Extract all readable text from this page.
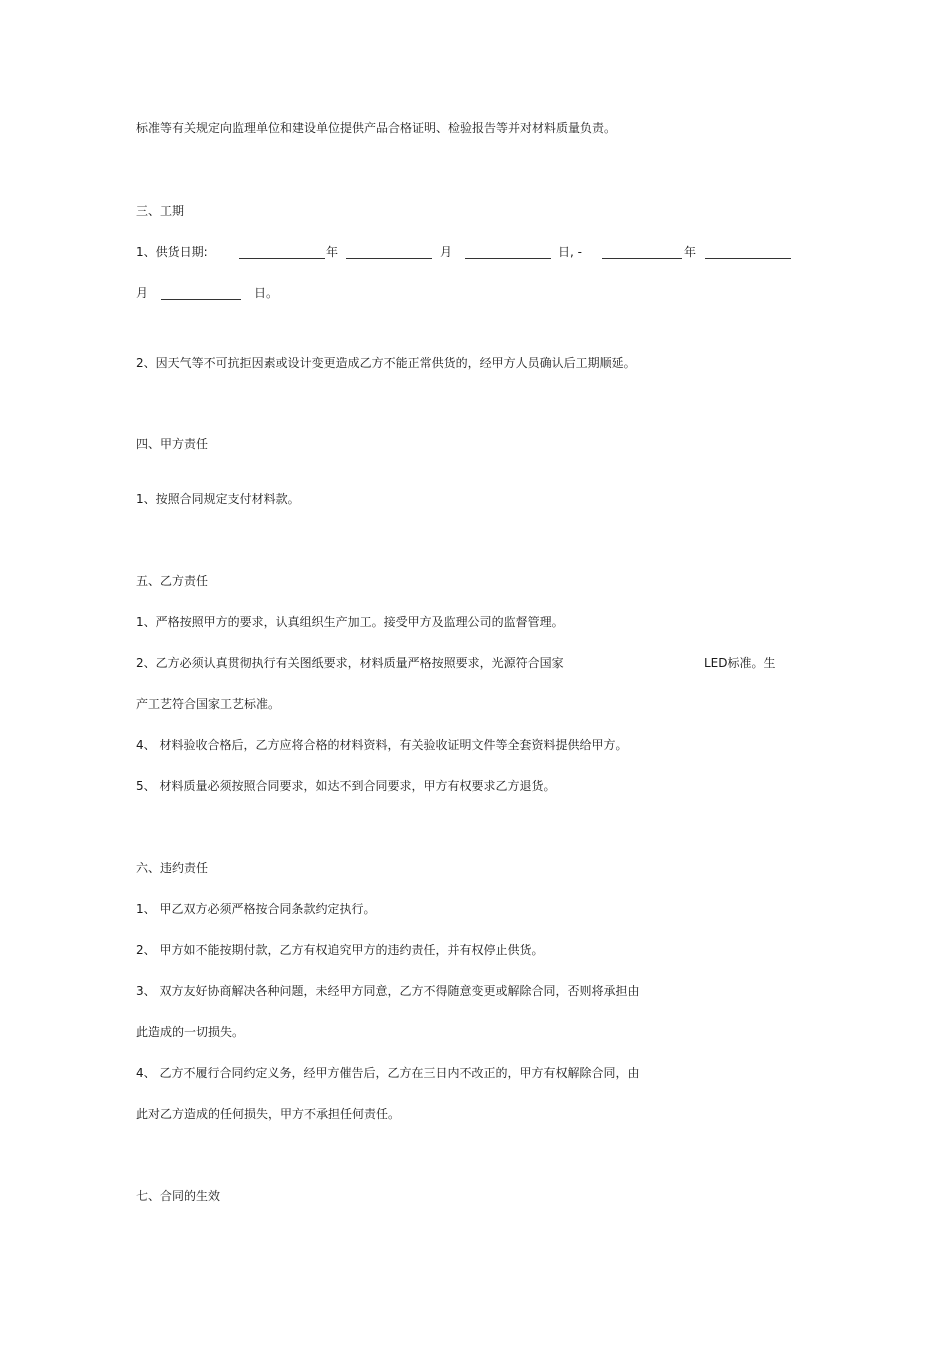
标准等有关规定向监理单位和建设单位提供产品合格证明、检验报告等并对材料质量负责。
三、工期
1、供货日期:	年	月	日, -	年
月	日。
2、因天气等不可抗拒因素或设计变更造成乙方不能正常供货的，经甲方人员确认后工期顺延。
四、甲方责任
1、按照合同规定支付材料款。
五、乙方责任
1、严格按照甲方的要求，认真组织生产加工。接受甲方及监理公司的监督管理。
2、乙方必须认真贯彻执行有关图纸要求，材料质量严格按照要求，光源符合国家	LED标准。生
产工艺符合国家工艺标准。
4、 材料验收合格后，乙方应将合格的材料资料，有关验收证明文件等全套资料提供给甲方。
5、 材料质量必须按照合同要求，如达不到合同要求，甲方有权要求乙方退货。
六、违约责任
1、 甲乙双方必须严格按合同条款约定执行。
2、 甲方如不能按期付款，乙方有权追究甲方的违约责任，并有权停止供货。
3、 双方友好协商解决各种问题，未经甲方同意，乙方不得随意变更或解除合同，否则将承担由
此造成的一切损失。
4、 乙方不履行合同约定义务，经甲方催告后，乙方在三日内不改正的，甲方有权解除合同，由
此对乙方造成的任何损失，甲方不承担任何责任。
七、合同的生效
